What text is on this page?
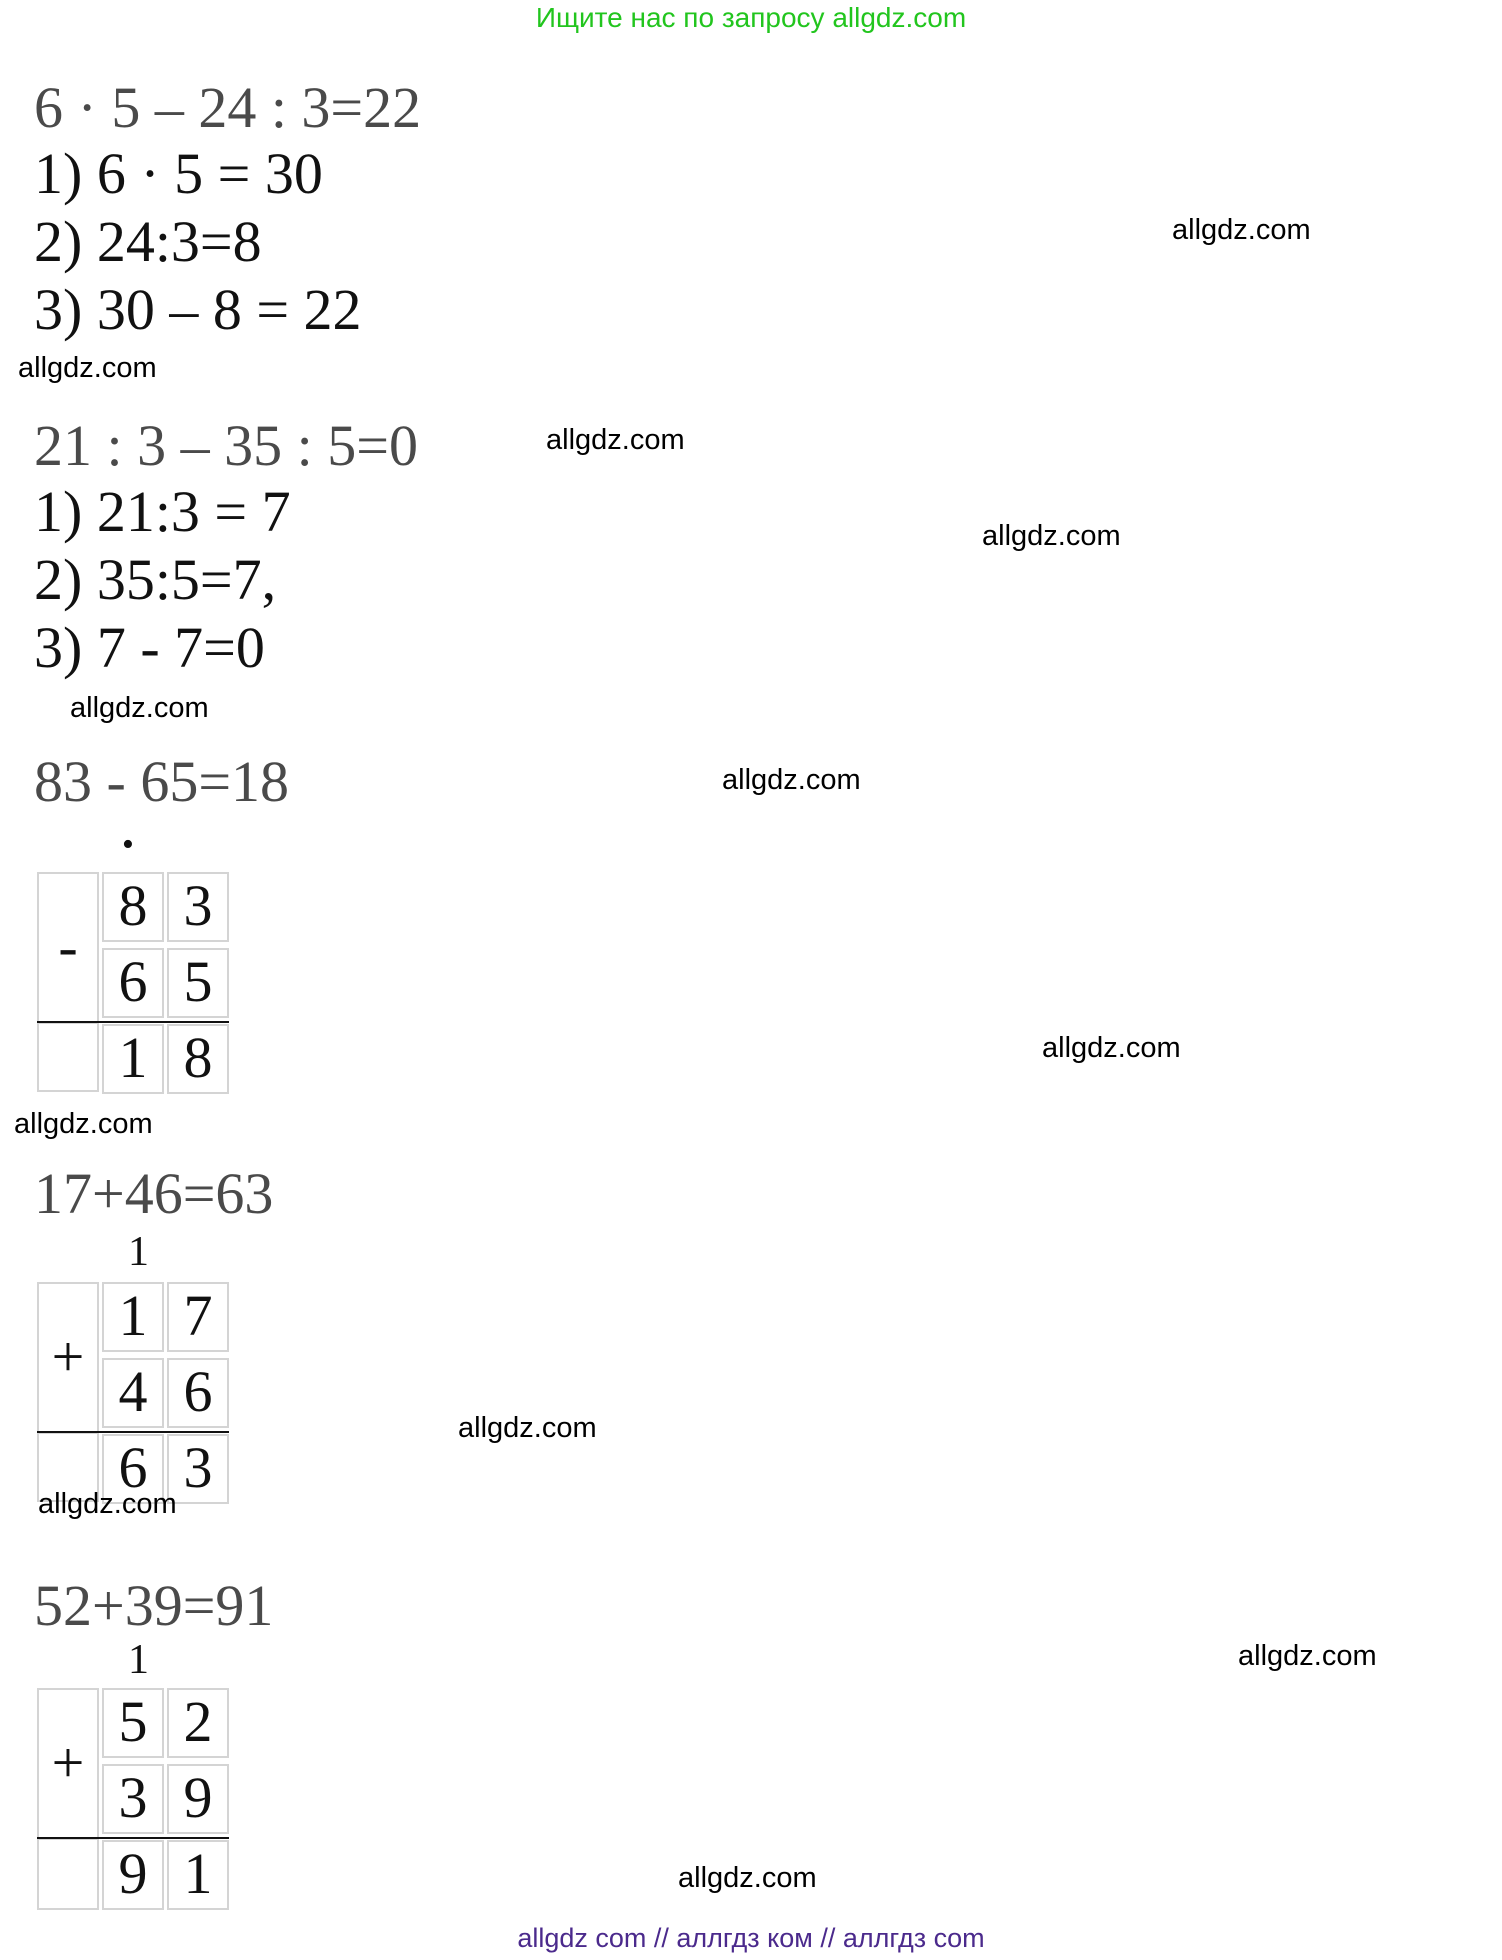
Ищите нас по запросу allgdz.com
6 · 5 – 24 : 3=22
1) 6 · 5 = 30
2) 24:3=8
3) 30 – 8 = 22
21 : 3 – 35 : 5=0
1) 21:3 = 7
2) 35:5=7,
3) 7 - 7=0
83 - 65=18
•
-
8 3
6 5
1 8
17+46=63
1
+
1 7
4 6
6 3
52+39=91
1
+
5 2
3 9
9 1
allgdz.com
allgdz.com
allgdz.com
allgdz.com
allgdz.com
allgdz.com
allgdz.com
allgdz.com
allgdz.com
allgdz.com
allgdz.com
allgdz.com
allgdz com // аллгдз ком // аллгдз com
